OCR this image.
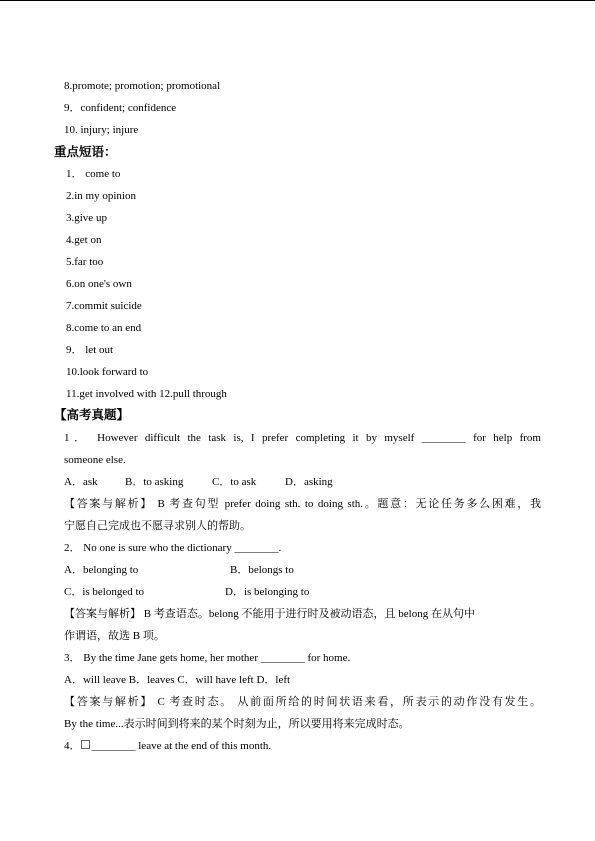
8.promote; promotion; promotional
9．confident; confidence
10. injury; injure
重点短语：
1． come to
2.in my opinion
3.give up
4.get on
5.far too
6.on one's own
7.commit suicide
8.come to an end
9． let out
10.look forward to
11.get involved with 12.pull through
【高考真题】
1． However difficult the task is, I prefer completing it by myself ________ for help from
someone else.
A．ask B．to asking	C．to ask	D．asking
【答案与解析】 B 考查句型 prefer doing sth. to doing sth.。题意：无论任务多么困难，我
宁愿自己完成也不愿寻求别人的帮助。
2． No one is sure who the dictionary ________.
A．belonging to	B．belongs to
C．is belonged to	D．is belonging to
【答案与解析】 B 考查语态。belong 不能用于进行时及被动语态，且 belong 在从句中
作谓语，故选 B 项。
3． By the time Jane gets home, her mother ________ for home.
A．will leave B．leaves C．will have left D．left
【答案与解析】 C 考查时态。 从前面所给的时间状语来看，所表示的动作没有发生。
By the time...表示时间到将来的某个时刻为止，所以要用将来完成时态。
4． ________ leave at the end of this month.
